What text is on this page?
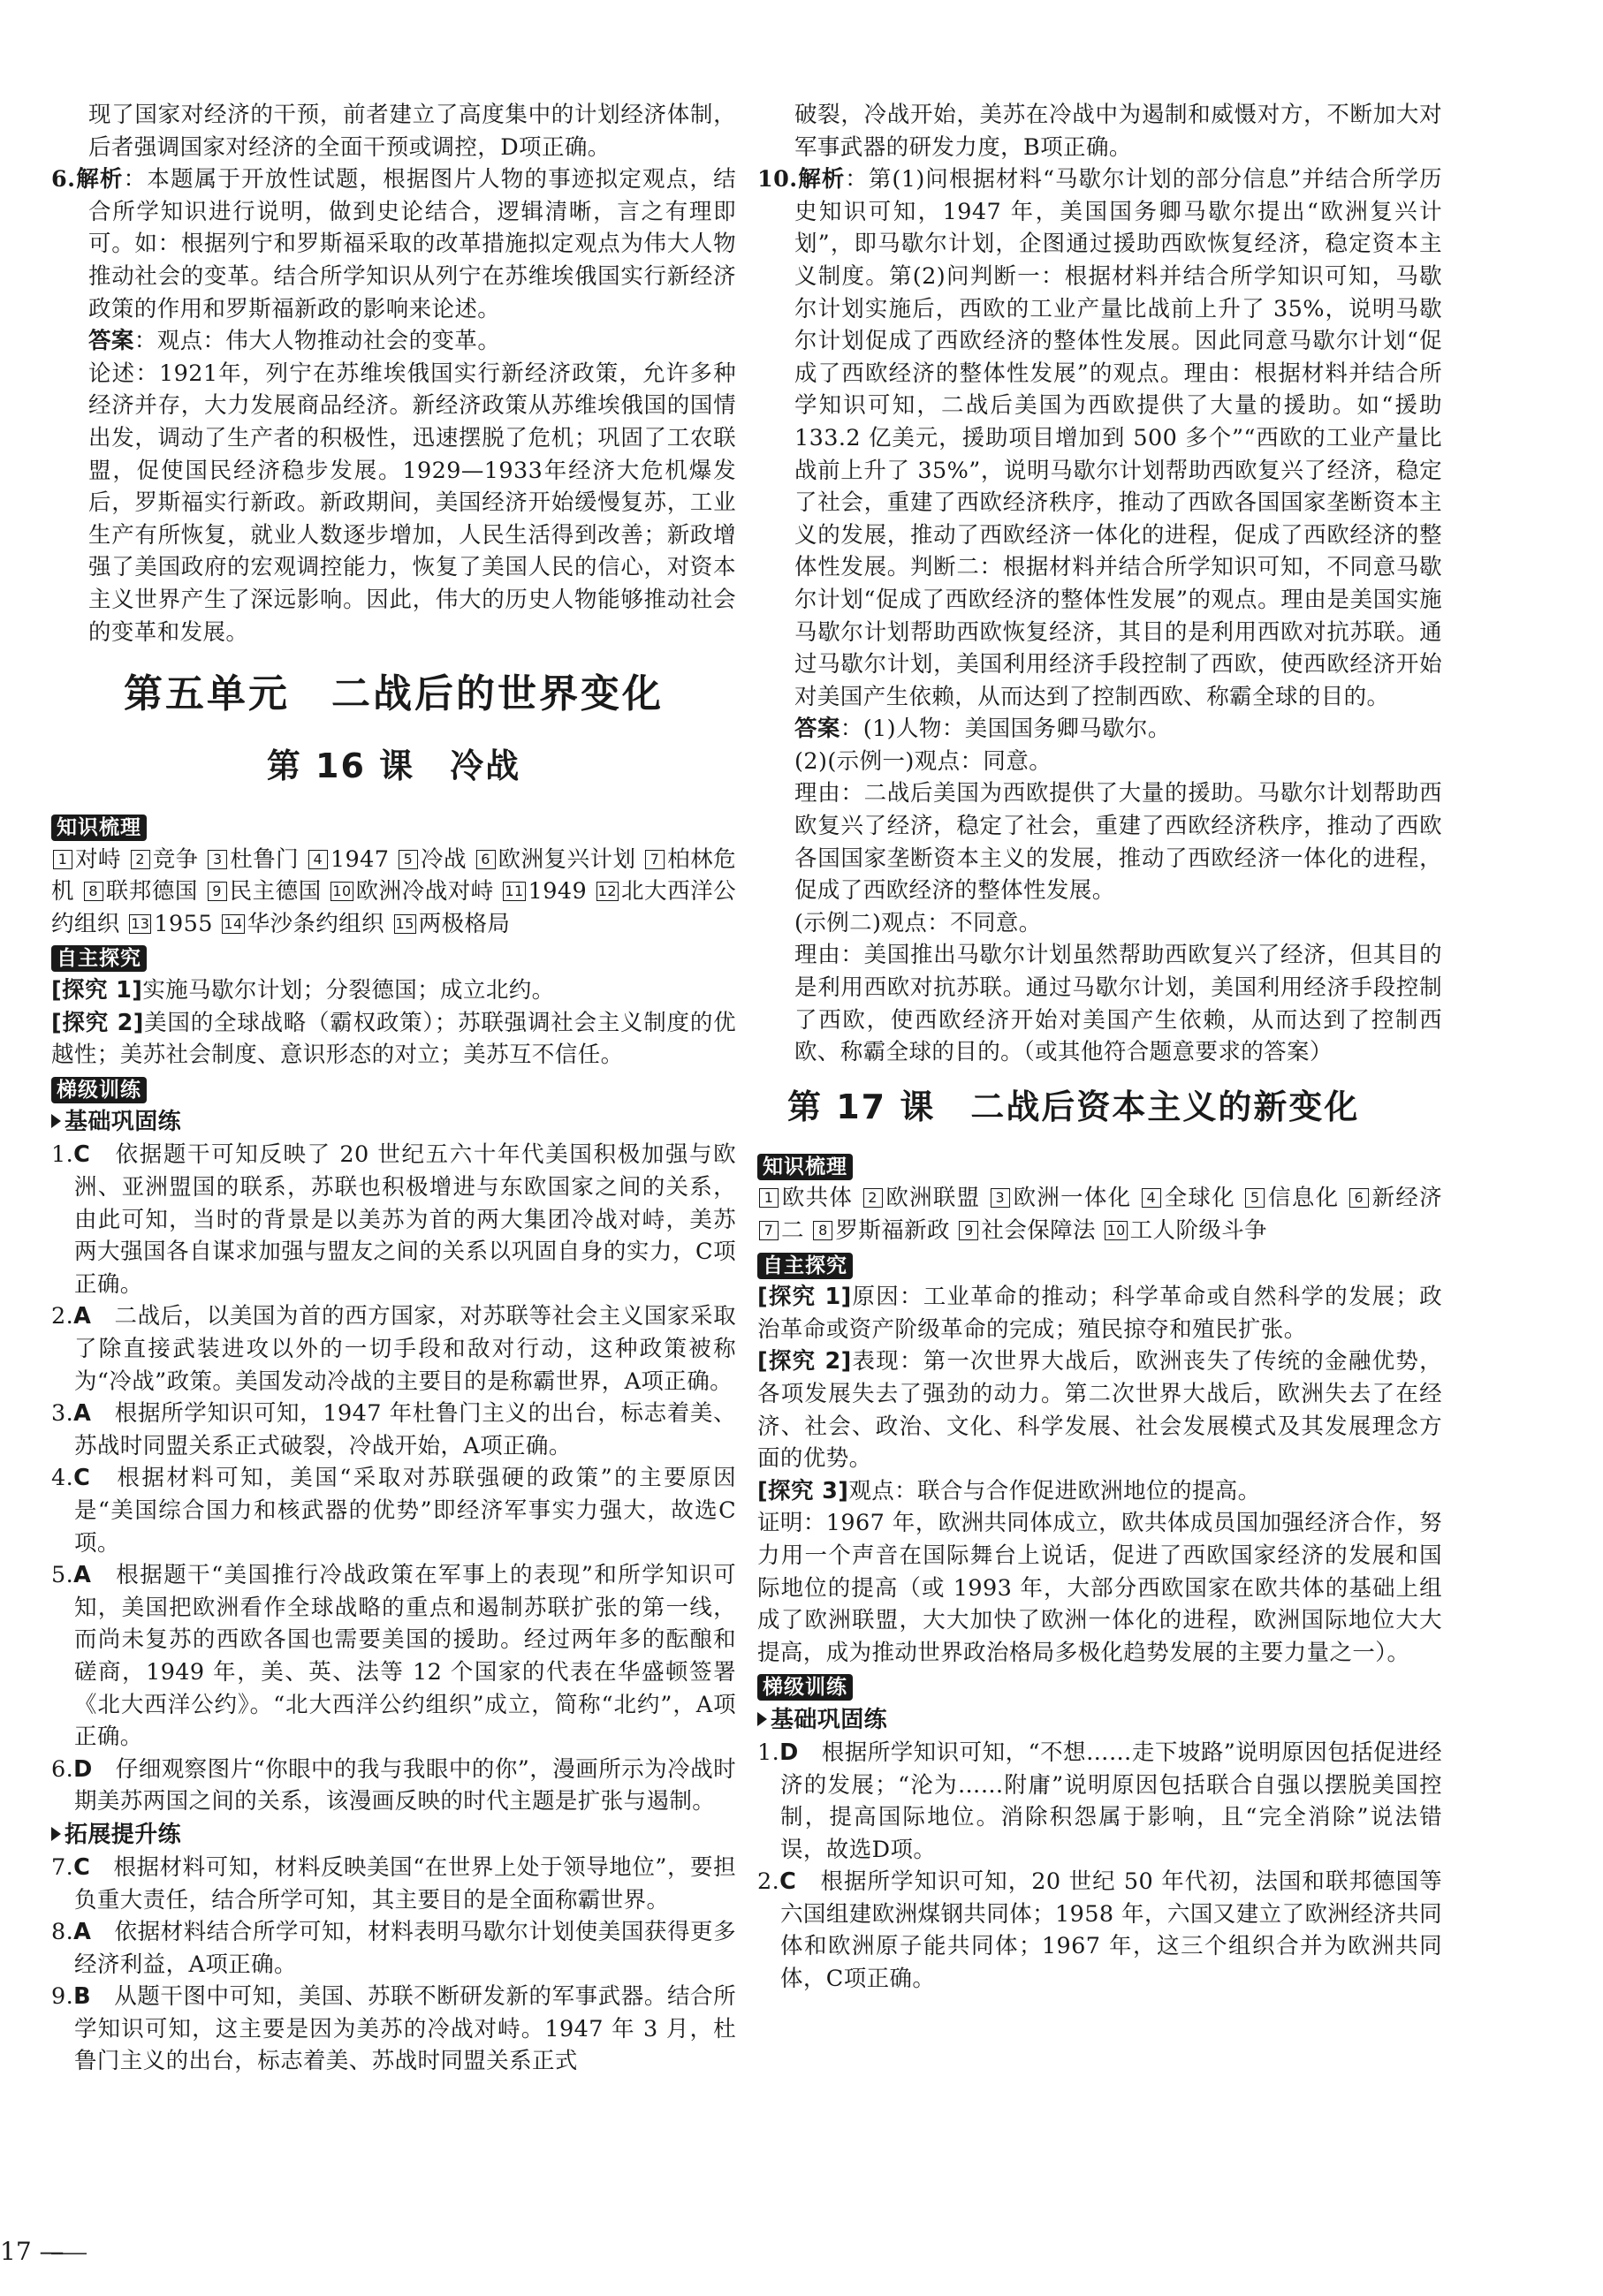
现了国家对经济的干预，前者建立了高度集中的计划经济体制，后者强调国家对经济的全面干预或调控，D项正确。

6.解析：本题属于开放性试题，根据图片人物的事迹拟定观点，结合所学知识进行说明，做到史论结合，逻辑清晰，言之有理即可。如：根据列宁和罗斯福采取的改革措施拟定观点为伟大人物推动社会的变革。结合所学知识从列宁在苏维埃俄国实行新经济政策的作用和罗斯福新政的影响来论述。

答案：观点：伟大人物推动社会的变革。

论述：1921年，列宁在苏维埃俄国实行新经济政策，允许多种经济并存，大力发展商品经济。新经济政策从苏维埃俄国的国情出发，调动了生产者的积极性，迅速摆脱了危机；巩固了工农联盟，促使国民经济稳步发展。1929—1933年经济大危机爆发后，罗斯福实行新政。新政期间，美国经济开始缓慢复苏，工业生产有所恢复，就业人数逐步增加，人民生活得到改善；新政增强了美国政府的宏观调控能力，恢复了美国人民的信心，对资本主义世界产生了深远影响。因此，伟大的历史人物能够推动社会的变革和发展。

第五单元　二战后的世界变化
第 16 课　冷战
知识梳理

1 对峙 2 竞争 3 杜鲁门 4 1947 5 冷战 6 欧洲复兴计划 7 柏林危机 8 联邦德国 9 民主德国 10 欧洲冷战对峙 11 1949 12 北大西洋公约组织 13 1955 14 华沙条约组织 15 两极格局

自主探究

[探究 1]实施马歇尔计划；分裂德国；成立北约。

[探究 2]美国的全球战略（霸权政策）；苏联强调社会主义制度的优越性；美苏社会制度、意识形态的对立；美苏互不信任。

梯级训练
基础巩固练

1.C　 依据题干可知反映了 20 世纪五六十年代美国积极加强与欧洲、亚洲盟国的联系，苏联也积极增进与东欧国家之间的关系，由此可知，当时的背景是以美苏为首的两大集团冷战对峙，美苏两大强国各自谋求加强与盟友之间的关系以巩固自身的实力，C项正确。

2.A　 二战后，以美国为首的西方国家，对苏联等社会主义国家采取了除直接武装进攻以外的一切手段和敌对行动，这种政策被称为“冷战”政策。美国发动冷战的主要目的是称霸世界，A项正确。

3.A　 根据所学知识可知，1947 年杜鲁门主义的出台，标志着美、苏战时同盟关系正式破裂，冷战开始，A项正确。

4.C　 根据材料可知，美国“采取对苏联强硬的政策”的主要原因是“美国综合国力和核武器的优势”即经济军事实力强大，故选C项。

5.A　 根据题干“美国推行冷战政策在军事上的表现”和所学知识可知，美国把欧洲看作全球战略的重点和遏制苏联扩张的第一线，而尚未复苏的西欧各国也需要美国的援助。经过两年多的酝酿和磋商，1949 年，美、英、法等 12 个国家的代表在华盛顿签署《北大西洋公约》。“北大西洋公约组织”成立，简称“北约”，A项正确。

6.D　 仔细观察图片“你眼中的我与我眼中的你”，漫画所示为冷战时期美苏两国之间的关系，该漫画反映的时代主题是扩张与遏制。

拓展提升练

7.C　 根据材料可知，材料反映美国“在世界上处于领导地位”，要担负重大责任，结合所学可知，其主要目的是全面称霸世界。

8.A　 依据材料结合所学可知，材料表明马歇尔计划使美国获得更多经济利益，A项正确。

9.B　 从题干图中可知，美国、苏联不断研发新的军事武器。结合所学知识可知，这主要是因为美苏的冷战对峙。1947 年 3 月，杜鲁门主义的出台，标志着美、苏战时同盟关系正式

破裂，冷战开始，美苏在冷战中为遏制和威慑对方，不断加大对军事武器的研发力度，B项正确。

10.解析：第(1)问根据材料“马歇尔计划的部分信息”并结合所学历史知识可知，1947 年，美国国务卿马歇尔提出“欧洲复兴计划”，即马歇尔计划，企图通过援助西欧恢复经济，稳定资本主义制度。第(2)问判断一：根据材料并结合所学知识可知，马歇尔计划实施后，西欧的工业产量比战前上升了 35%，说明马歇尔计划促成了西欧经济的整体性发展。因此同意马歇尔计划“促成了西欧经济的整体性发展”的观点。理由：根据材料并结合所学知识可知，二战后美国为西欧提供了大量的援助。如“援助 133.2 亿美元，援助项目增加到 500 多个”“西欧的工业产量比战前上升了 35%”，说明马歇尔计划帮助西欧复兴了经济，稳定了社会，重建了西欧经济秩序，推动了西欧各国国家垄断资本主义的发展，推动了西欧经济一体化的进程，促成了西欧经济的整体性发展。判断二：根据材料并结合所学知识可知，不同意马歇尔计划“促成了西欧经济的整体性发展”的观点。理由是美国实施马歇尔计划帮助西欧恢复经济，其目的是利用西欧对抗苏联。通过马歇尔计划，美国利用经济手段控制了西欧，使西欧经济开始对美国产生依赖，从而达到了控制西欧、称霸全球的目的。

答案：(1)人物：美国国务卿马歇尔。

(2)(示例一)观点：同意。

理由：二战后美国为西欧提供了大量的援助。马歇尔计划帮助西欧复兴了经济，稳定了社会，重建了西欧经济秩序，推动了西欧各国国家垄断资本主义的发展，推动了西欧经济一体化的进程，促成了西欧经济的整体性发展。

(示例二)观点：不同意。

理由：美国推出马歇尔计划虽然帮助西欧复兴了经济，但其目的是利用西欧对抗苏联。通过马歇尔计划，美国利用经济手段控制了西欧，使西欧经济开始对美国产生依赖，从而达到了控制西欧、称霸全球的目的。（或其他符合题意要求的答案）

第 17 课　二战后资本主义的新变化
知识梳理

1 欧共体 2 欧洲联盟 3 欧洲一体化 4 全球化 5 信息化 6 新经济 7 二 8 罗斯福新政 9 社会保障法 10 工人阶级斗争

自主探究

[探究 1]原因：工业革命的推动；科学革命或自然科学的发展；政治革命或资产阶级革命的完成；殖民掠夺和殖民扩张。

[探究 2]表现：第一次世界大战后，欧洲丧失了传统的金融优势，各项发展失去了强劲的动力。第二次世界大战后，欧洲失去了在经济、社会、政治、文化、科学发展、社会发展模式及其发展理念方面的优势。

[探究 3]观点：联合与合作促进欧洲地位的提高。

证明：1967 年，欧洲共同体成立，欧共体成员国加强经济合作，努力用一个声音在国际舞台上说话，促进了西欧国家经济的发展和国际地位的提高（或 1993 年，大部分西欧国家在欧共体的基础上组成了欧洲联盟，大大加快了欧洲一体化的进程，欧洲国际地位大大提高，成为推动世界政治格局多极化趋势发展的主要力量之一）。

梯级训练
基础巩固练

1.D　 根据所学知识可知，“不想……走下坡路”说明原因包括促进经济的发展；“沦为……附庸”说明原因包括联合自强以摆脱美国控制，提高国际地位。消除积怨属于影响，且“完全消除”说法错误，故选D项。

2.C　 根据所学知识可知，20 世纪 50 年代初，法国和联邦德国等六国组建欧洲煤钢共同体；1958 年，六国又建立了欧洲经济共同体和欧洲原子能共同体；1967 年，这三个组织合并为欧洲共同体，C项正确。

17 —
